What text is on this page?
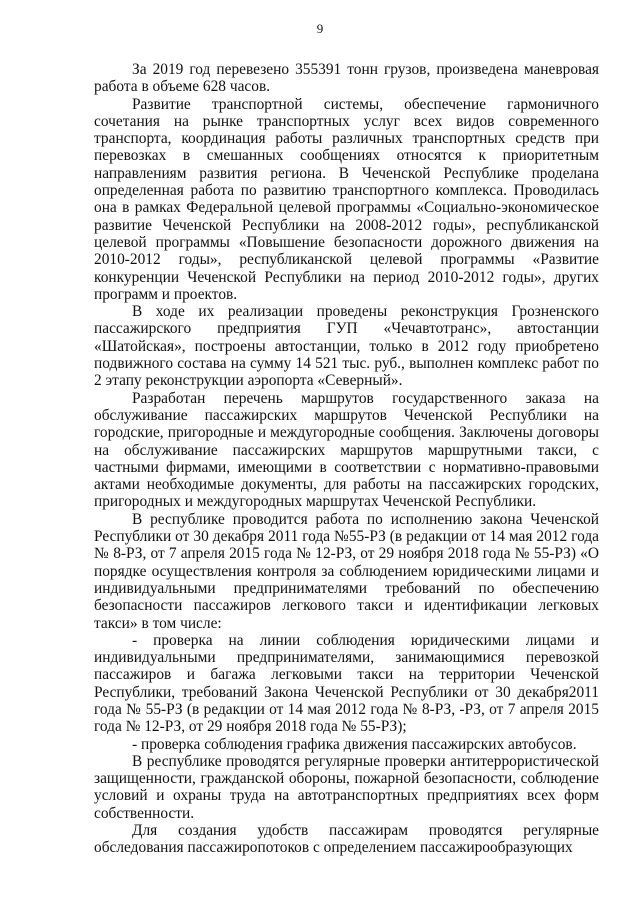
9

За 2019 год перевезено 355391 тонн грузов, произведена маневровая работа в объеме 628 часов.

Развитие транспортной системы, обеспечение гармоничного сочетания на рынке транспортных услуг всех видов современного транспорта, координация работы различных транспортных средств при перевозках в смешанных сообщениях относятся к приоритетным направлениям развития региона. В Чеченской Республике проделана определенная работа по развитию транспортного комплекса. Проводилась она в рамках Федеральной целевой программы «Социально-экономическое развитие Чеченской Республики на 2008-2012 годы», республиканской целевой программы «Повышение безопасности дорожного движения на 2010-2012 годы», республиканской целевой программы «Развитие конкуренции Чеченской Республики на период 2010-2012 годы», других программ и проектов.

В ходе их реализации проведены реконструкция Грозненского пассажирского предприятия ГУП «Чечавтотранс», автостанции «Шатойская», построены автостанции, только в 2012 году приобретено подвижного состава на сумму 14 521 тыс. руб., выполнен комплекс работ по 2 этапу реконструкции аэропорта «Северный».

Разработан перечень маршрутов государственного заказа на обслуживание пассажирских маршрутов Чеченской Республики на городские, пригородные и междугородные сообщения. Заключены договоры на обслуживание пассажирских маршрутов маршрутными такси, с частными фирмами, имеющими в соответствии с нормативно-правовыми актами необходимые документы, для работы на пассажирских городских, пригородных и междугородных маршрутах Чеченской Республики.

В республике проводится работа по исполнению закона Чеченской Республики от 30 декабря 2011 года №55-РЗ (в редакции от 14 мая 2012 года № 8-РЗ, от 7 апреля 2015 года № 12-РЗ, от 29 ноября 2018 года № 55-РЗ) «О порядке осуществления контроля за соблюдением юридическими лицами и индивидуальными предпринимателями требований по обеспечению безопасности пассажиров легкового такси и идентификации легковых такси» в том числе:

- проверка на линии соблюдения юридическими лицами и индивидуальными предпринимателями, занимающимися перевозкой пассажиров и багажа легковыми такси на территории Чеченской Республики, требований Закона Чеченской Республики от 30 декабря2011 года № 55-РЗ (в редакции от 14 мая 2012 года № 8-РЗ, -РЗ, от 7 апреля 2015 года № 12-РЗ, от 29 ноября 2018 года № 55-РЗ);

- проверка соблюдения графика движения пассажирских автобусов.

В республике проводятся регулярные проверки антитеррористической защищенности, гражданской обороны, пожарной безопасности, соблюдение условий и охраны труда на автотранспортных предприятиях всех форм собственности.

Для создания удобств пассажирам проводятся регулярные обследования пассажиропотоков с определением пассажирообразующих
